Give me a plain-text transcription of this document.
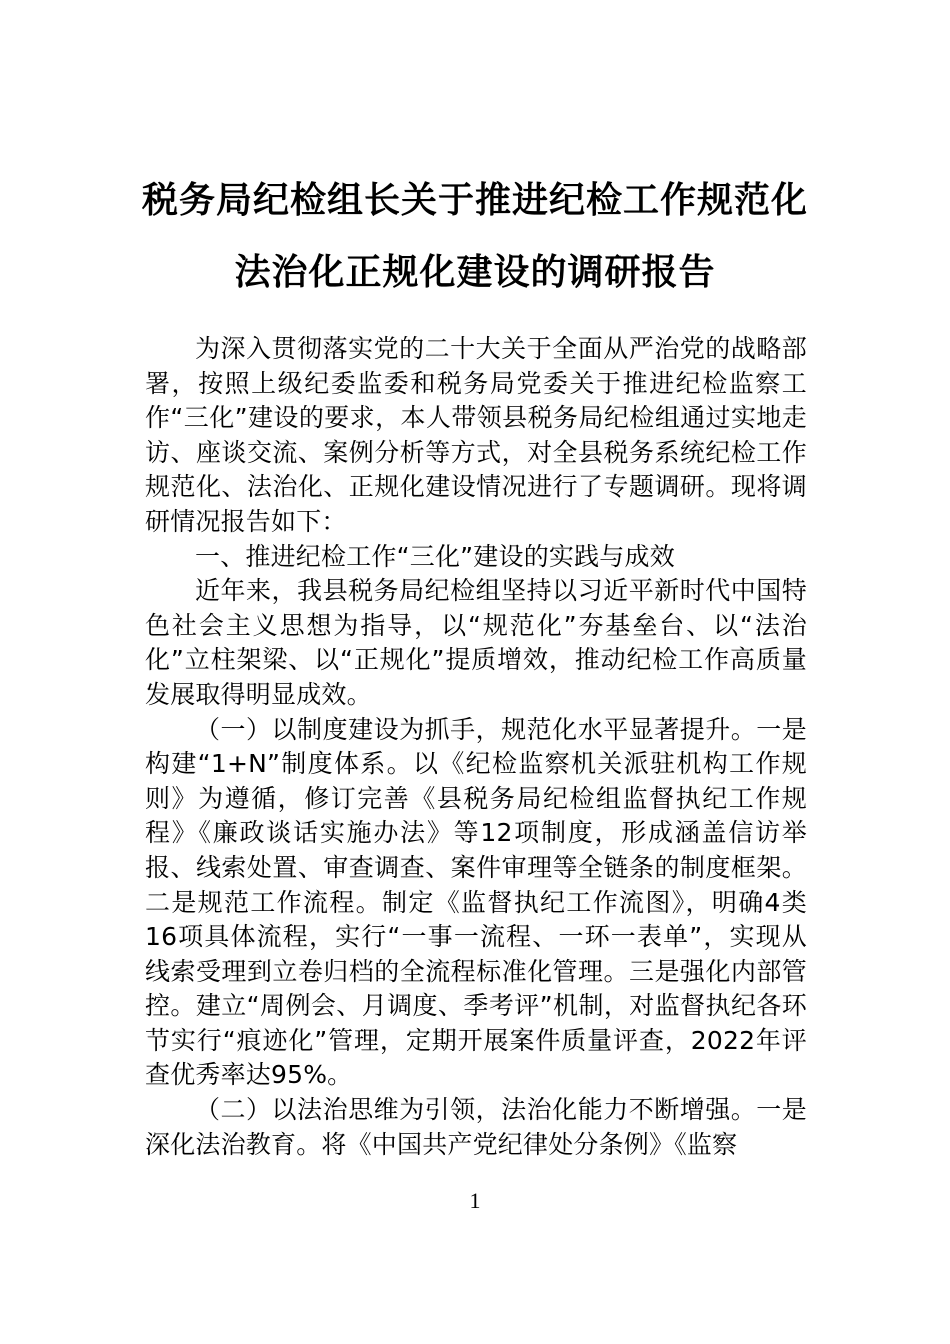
税务局纪检组长关于推进纪检工作规范化
法治化正规化建设的调研报告

为深入贯彻落实党的二十大关于全面从严治党的战略部署，按照上级纪委监委和税务局党委关于推进纪检监察工作“三化”建设的要求，本人带领县税务局纪检组通过实地走访、座谈交流、案例分析等方式，对全县税务系统纪检工作规范化、法治化、正规化建设情况进行了专题调研。现将调研情况报告如下：

一、推进纪检工作“三化”建设的实践与成效

近年来，我县税务局纪检组坚持以习近平新时代中国特色社会主义思想为指导，以“规范化”夯基垒台、以“法治化”立柱架梁、以“正规化”提质增效，推动纪检工作高质量发展取得明显成效。

（一）以制度建设为抓手，规范化水平显著提升。一是构建“1+N”制度体系。以《纪检监察机关派驻机构工作规则》为遵循，修订完善《县税务局纪检组监督执纪工作规程》《廉政谈话实施办法》等12项制度，形成涵盖信访举报、线索处置、审查调查、案件审理等全链条的制度框架。二是规范工作流程。制定《监督执纪工作流图》，明确4类16项具体流程，实行“一事一流程、一环一表单”，实现从线索受理到立卷归档的全流程标准化管理。三是强化内部管控。建立“周例会、月调度、季考评”机制，对监督执纪各环节实行“痕迹化”管理，定期开展案件质量评查，2022年评查优秀率达95%。

（二）以法治思维为引领，法治化能力不断增强。一是深化法治教育。将《中国共产党纪律处分条例》《监察

1
